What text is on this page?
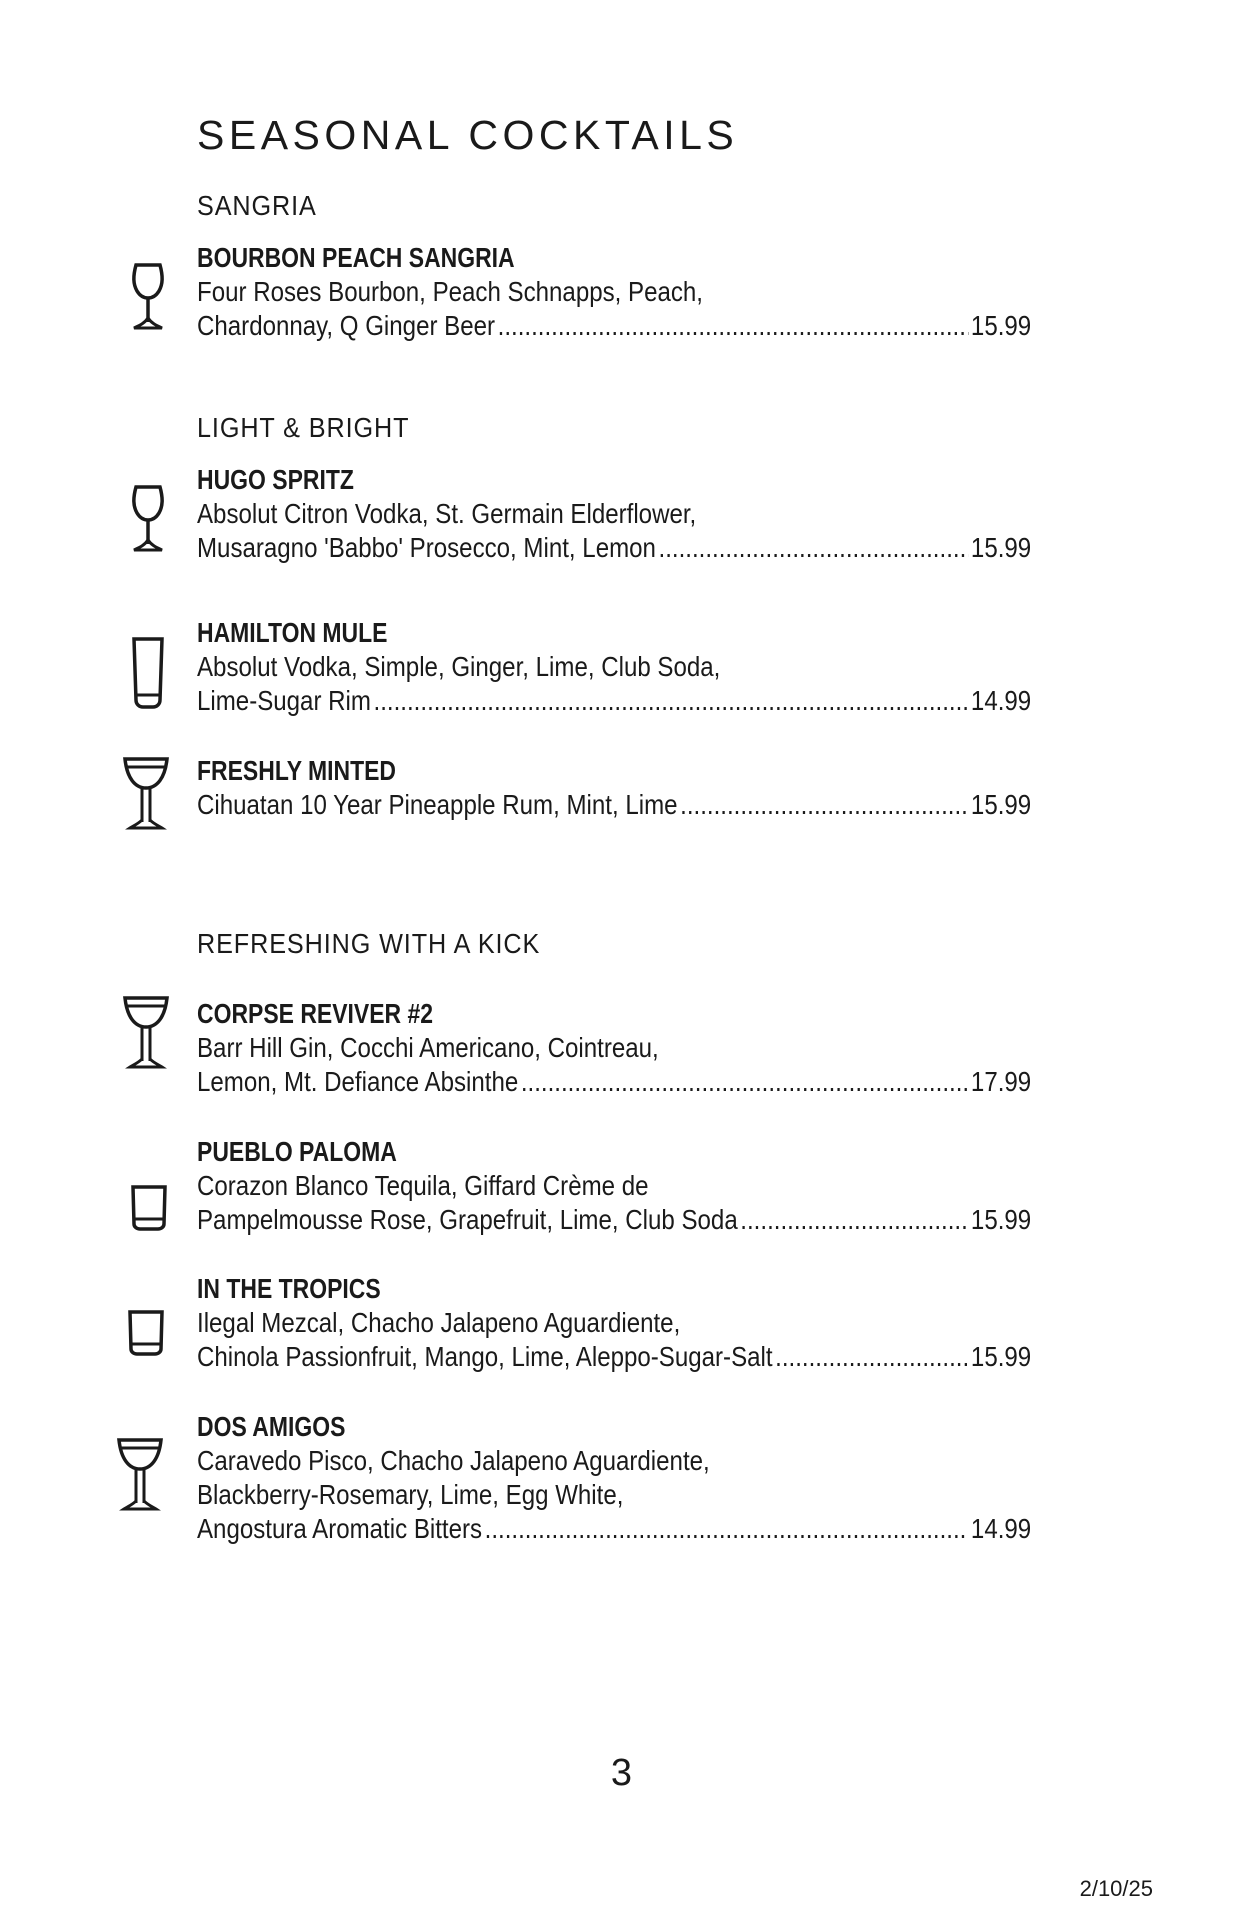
SEASONAL COCKTAILS
SANGRIA
BOURBON PEACH SANGRIA
Four Roses Bourbon, Peach Schnapps, Peach,
Chardonnay, Q Ginger Beer .....	15.99
LIGHT & BRIGHT
HUGO SPRITZ
Absolut Citron Vodka, St. Germain Elderflower,
Musaragno 'Babbo' Prosecco, Mint, Lemon .....	15.99
HAMILTON MULE
Absolut Vodka, Simple, Ginger, Lime, Club Soda,
Lime-Sugar Rim .....	14.99
FRESHLY MINTED
Cihuatan 10 Year Pineapple Rum, Mint, Lime .....	15.99
REFRESHING WITH A KICK
CORPSE REVIVER #2
Barr Hill Gin, Cocchi Americano, Cointreau,
Lemon, Mt. Defiance Absinthe .....	17.99
PUEBLO PALOMA
Corazon Blanco Tequila, Giffard Crème de
Pampelmousse Rose, Grapefruit, Lime, Club Soda .....	15.99
IN THE TROPICS
Ilegal Mezcal, Chacho Jalapeno Aguardiente,
Chinola Passionfruit, Mango, Lime, Aleppo-Sugar-Salt .....	15.99
DOS AMIGOS
Caravedo Pisco, Chacho Jalapeno Aguardiente,
Blackberry-Rosemary, Lime, Egg White,
Angostura Aromatic Bitters .....	14.99
3
2/10/25
